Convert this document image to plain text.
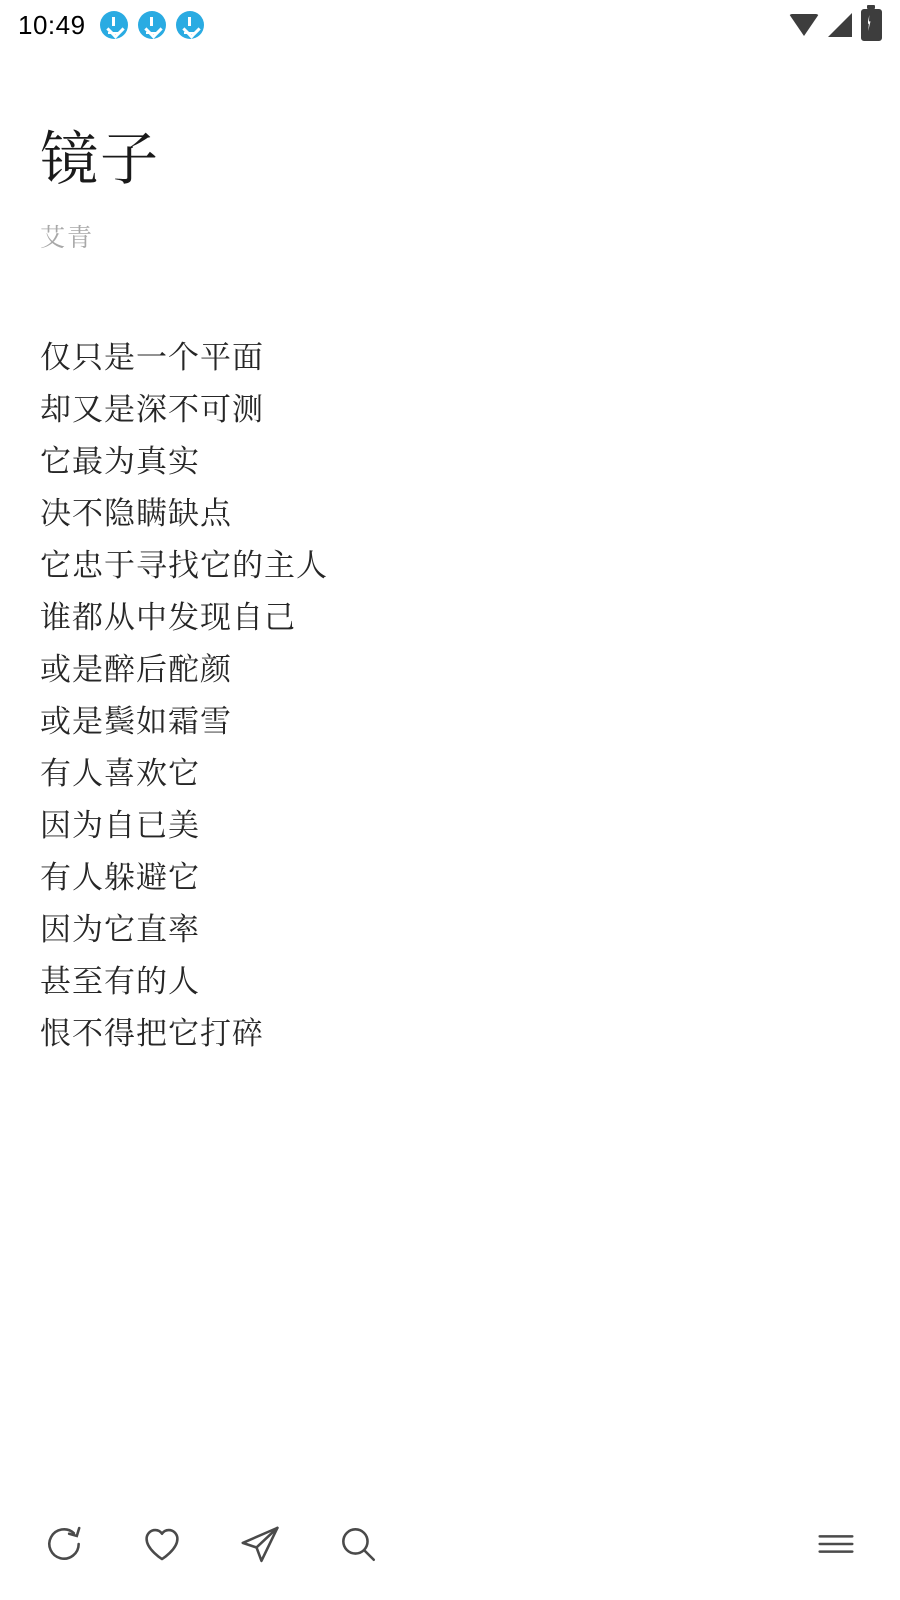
10:49
镜子
艾青
仅只是一个平面
却又是深不可测
它最为真实
决不隐瞒缺点
它忠于寻找它的主人
谁都从中发现自己
或是醉后酡颜
或是鬓如霜雪
有人喜欢它
因为自已美
有人躲避它
因为它直率
甚至有的人
恨不得把它打碎
